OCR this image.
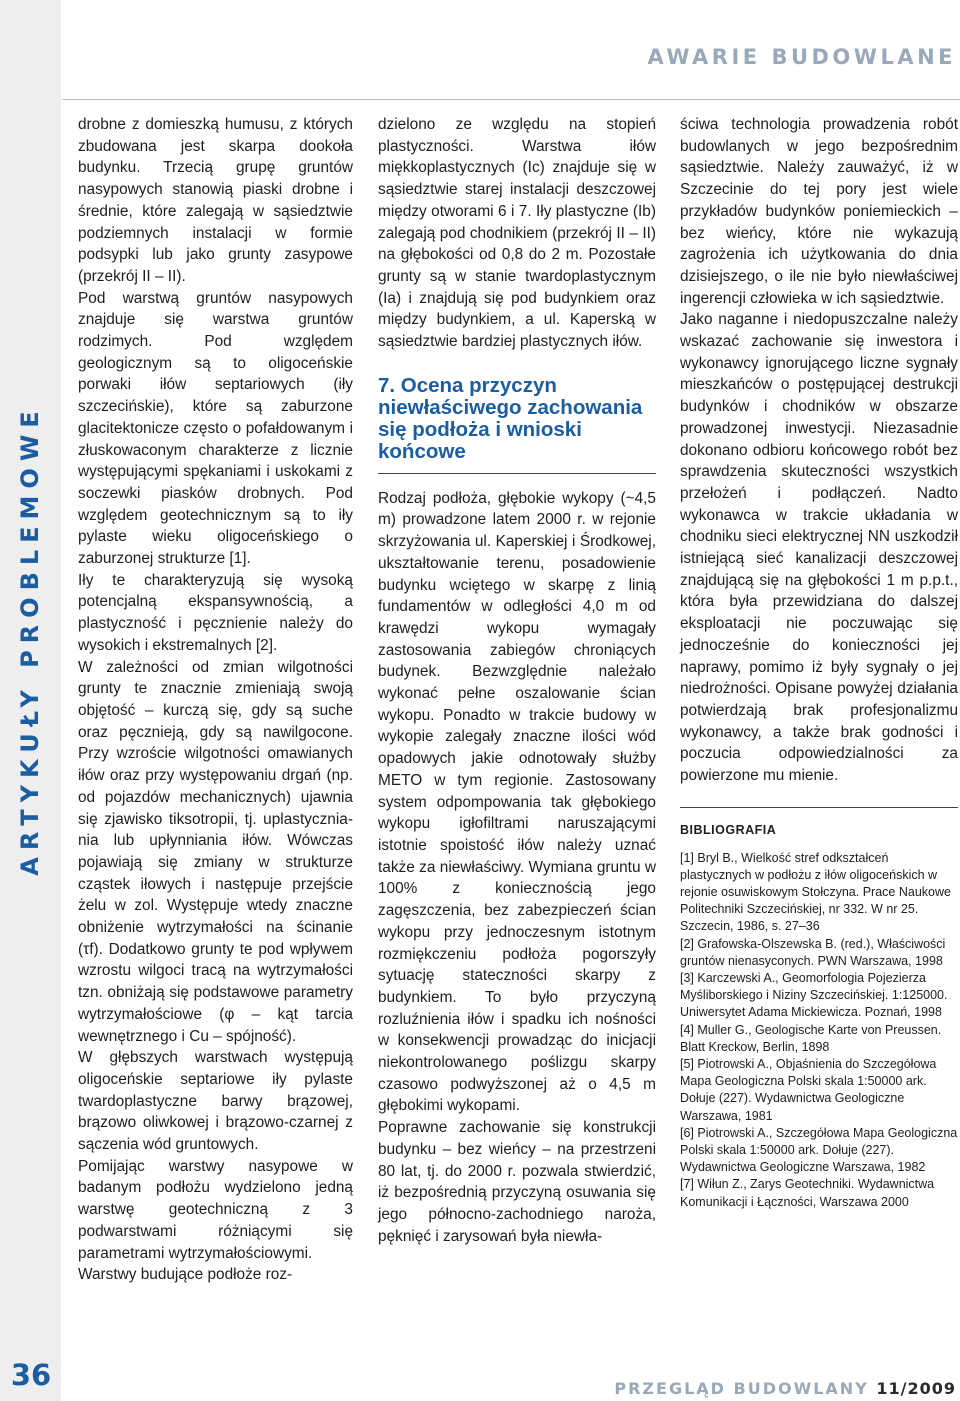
ARTYKUŁY PROBLEMOWE
36
AWARIE BUDOWLANE

drobne z domieszką humusu, z których zbudowana jest skarpa dookoła budynku. Trzecią grupę gruntów nasypowych stanowią piaski drobne i średnie, które zalegają w sąsiedztwie podziemnych instalacji w formie podsypki lub jako grunty zasypowe (przekrój II – II).

Pod warstwą gruntów nasypowych znajduje się warstwa gruntów rodzimych. Pod względem geologicznym są to oligoceńskie porwaki iłów septariowych (iły szczecińskie), które są zaburzone glacitektonicze często o pofałdowanym i złuskowaconym charakterze z licznie występującymi spękaniami i uskokami z soczewki piasków drobnych. Pod względem geotechnicznym są to iły pylaste wieku oligoceńskiego o zaburzonej strukturze [1].

Iły te charakteryzują się wysoką potencjalną ekspansywnością, a plastyczność i pęcznienie należy do wysokich i ekstremalnych [2].

W zależności od zmian wilgotności grunty te znacznie zmieniają swoją objętość – kurczą się, gdy są suche oraz pęcznieją, gdy są nawilgocone. Przy wzroście wilgotności omawianych iłów oraz przy występowaniu drgań (np. od pojazdów mechanicznych) ujawnia się zjawisko tiksotropii, tj. uplastyczniania lub upłynniania iłów. Wówczas pojawiają się zmiany w strukturze cząstek iłowych i następuje przejście żelu w zol. Występuje wtedy znaczne obniżenie wytrzymałości na ścinanie (τf). Dodatkowo grunty te pod wpływem wzrostu wilgoci tracą na wytrzymałości tzn. obniżają się podstawowe parametry wytrzymałościowe (φ – kąt tarcia wewnętrznego i Cu – spójność).

W głębszych warstwach występują oligoceńskie septariowe iły pylaste twardoplastyczne barwy brązowej, brązowo oliwkowej i brązowo-czarnej z sączenia wód gruntowych.

Pomijając warstwy nasypowe w badanym podłożu wydzielono jedną warstwę geotechniczną z 3 podwarstwami różniącymi się parametrami wytrzymałościowymi.

Warstwy budujące podłoże roz-

dzielono ze względu na stopień plastyczności. Warstwa iłów miękkoplastycznych (Ic) znajduje się w sąsiedztwie starej instalacji deszczowej między otworami 6 i 7. Iły plastyczne (Ib) zalegają pod chodnikiem (przekrój II – II) na głębokości od 0,8 do 2 m. Pozostałe grunty są w stanie twardoplastycznym (Ia) i znajdują się pod budynkiem oraz między budynkiem, a ul. Kaperską w sąsiedztwie bardziej plastycznych iłów.

7. Ocena przyczyn niewłaściwego zachowania się podłoża i wnioski końcowe

Rodzaj podłoża, głębokie wykopy (~4,5 m) prowadzone latem 2000 r. w rejonie skrzyżowania ul. Kaperskiej i Środkowej, ukształtowanie terenu, posadowienie budynku wciętego w skarpę z linią fundamentów w odległości 4,0 m od krawędzi wykopu wymagały zastosowania zabiegów chroniących budynek. Bezwzględnie należało wykonać pełne oszalowanie ścian wykopu. Ponadto w trakcie budowy w wykopie zalegały znaczne ilości wód opadowych jakie odnotowały służby METO w tym regionie. Zastosowany system odpompowania tak głębokiego wykopu igłofiltrami naruszającymi istotnie spoistość iłów należy uznać także za niewłaściwy. Wymiana gruntu w 100% z koniecznością jego zagęszczenia, bez zabezpieczeń ścian wykopu przy jednoczesnym istotnym rozmiękczeniu podłoża pogorszyły sytuację stateczności skarpy z budynkiem. To było przyczyną rozluźnienia iłów i spadku ich nośności w konsekwencji prowadząc do inicjacji niekontrolowanego poślizgu skarpy czasowo podwyższonej aż o 4,5 m głębokimi wykopami.

Poprawne zachowanie się konstrukcji budynku – bez wieńcy – na przestrzeni 80 lat, tj. do 2000 r. pozwala stwierdzić, iż bezpośrednią przyczyną osuwania się jego północno-zachodniego naroża, pęknięć i zarysowań była niewła-

ściwa technologia prowadzenia robót budowlanych w jego bezpośrednim sąsiedztwie. Należy zauważyć, iż w Szczecinie do tej pory jest wiele przykładów budynków poniemieckich – bez wieńcy, które nie wykazują zagrożenia ich użytkowania do dnia dzisiejszego, o ile nie było niewłaściwej ingerencji człowieka w ich sąsiedztwie.

Jako naganne i niedopuszczalne należy wskazać zachowanie się inwestora i wykonawcy ignorującego liczne sygnały mieszkańców o postępującej destrukcji budynków i chodników w obszarze prowadzonej inwestycji. Niezasadnie dokonano odbioru końcowego robót bez sprawdzenia skuteczności wszystkich przełożeń i podłączeń. Nadto wykonawca w trakcie układania w chodniku sieci elektrycznej NN uszkodził istniejącą sieć kanalizacji deszczowej znajdującą się na głębokości 1 m p.p.t., która była przewidziana do dalszej eksploatacji nie poczuwając się jednocześnie do konieczności jej naprawy, pomimo iż były sygnały o jej niedrożności. Opisane powyżej działania potwierdzają brak profesjonalizmu wykonawcy, a także brak godności i poczucia odpowiedzialności za powierzone mu mienie.

BIBLIOGRAFIA

[1] Bryl B., Wielkość stref odkształceń plastycznych w podłożu z iłów oligoceńskich w rejonie osuwiskowym Stołczyna. Prace Naukowe Politechniki Szczecińskiej, nr 332. W nr 25. Szczecin, 1986, s. 27–36

[2] Grafowska-Olszewska B. (red.), Właściwości gruntów nienasyconych. PWN Warszawa, 1998

[3] Karczewski A., Geomorfologia Pojezierza Myśliborskiego i Niziny Szczecińskiej. 1:125000. Uniwersytet Adama Mickiewicza. Poznań, 1998

[4] Muller G., Geologische Karte von Preussen. Blatt Kreckow, Berlin, 1898

[5] Piotrowski A., Objaśnienia do Szczegółowa Mapa Geologiczna Polski skala 1:50000 ark. Dołuje (227). Wydawnictwa Geologiczne Warszawa, 1981

[6] Piotrowski A., Szczegółowa Mapa Geologiczna Polski skala 1:50000 ark. Dołuje (227). Wydawnictwa Geologiczne Warszawa, 1982

[7] Wiłun Z., Zarys Geotechniki. Wydawnictwa Komunikacji i Łączności, Warszawa 2000

PRZEGLĄD BUDOWLANY 11/2009
